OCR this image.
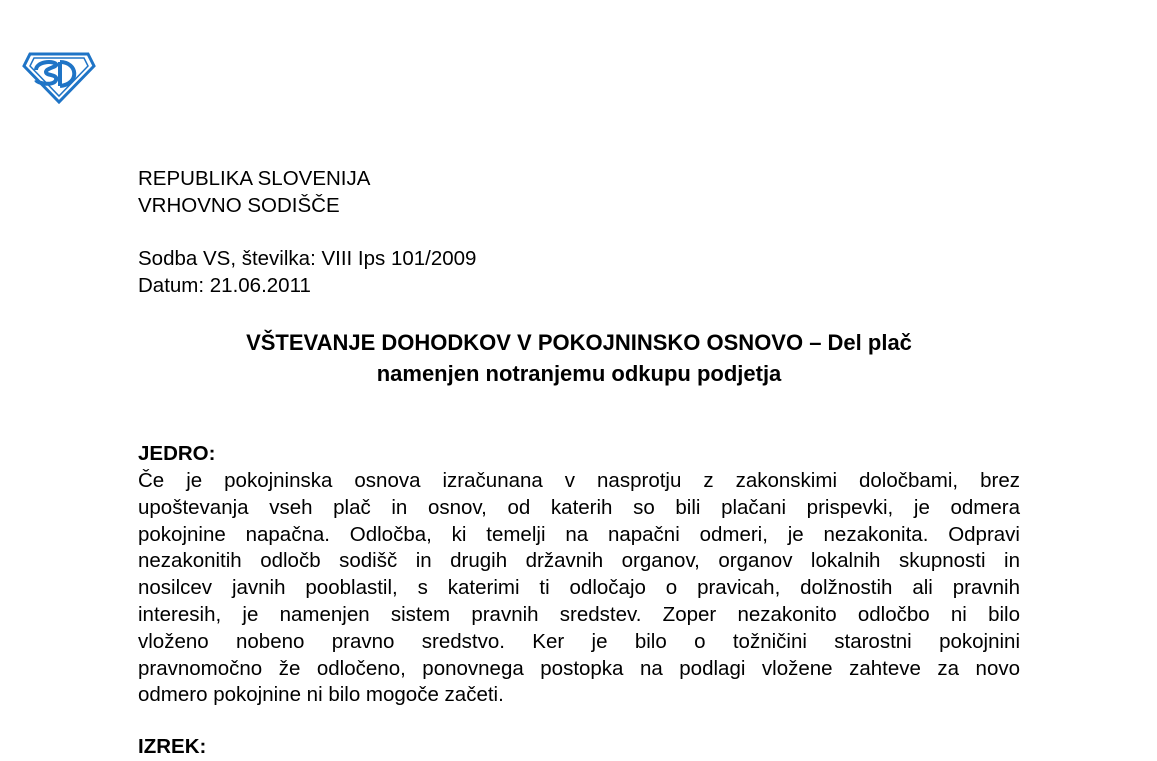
REPUBLIKA SLOVENIJA
VRHOVNO SODIŠČE
Sodba VS, številka: VIII Ips 101/2009
Datum: 21.06.2011
VŠTEVANJE DOHODKOV V POKOJNINSKO OSNOVO – Del plač
namenjen notranjemu odkupu podjetja
JEDRO:
Če je pokojninska osnova izračunana v nasprotju z zakonskimi določbami, brez
upoštevanja vseh plač in osnov, od katerih so bili plačani prispevki, je odmera
pokojnine napačna. Odločba, ki temelji na napačni odmeri, je nezakonita. Odpravi
nezakonitih odločb sodišč in drugih državnih organov, organov lokalnih skupnosti in
nosilcev javnih pooblastil, s katerimi ti odločajo o pravicah, dolžnostih ali pravnih
interesih, je namenjen sistem pravnih sredstev. Zoper nezakonito odločbo ni bilo
vloženo nobeno pravno sredstvo. Ker je bilo o tožničini starostni pokojnini
pravnomočno že odločeno, ponovnega postopka na podlagi vložene zahteve za novo
odmero pokojnine ni bilo mogoče začeti.
IZREK:
